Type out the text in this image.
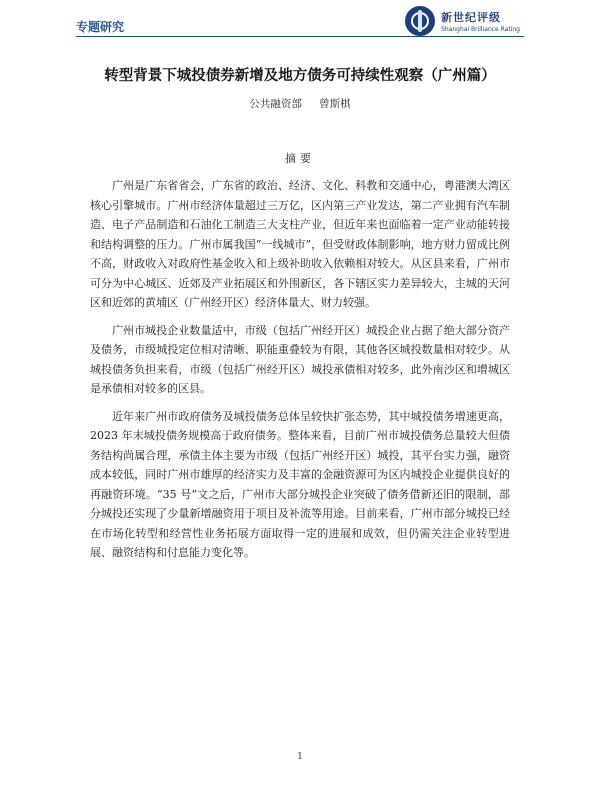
专题研究
新世纪评级
Shanghai Brilliance Rating
转型背景下城投债券新增及地方债务可持续性观察（广州篇）
公共融资部 曾斯棋
摘要

广州是广东省省会，广东省的政治、经济、文化、科教和交通中心，粤港澳大湾区核心引擎城市。广州市经济体量超过三万亿，区内第三产业发达，第二产业拥有汽车制造、电子产品制造和石油化工制造三大支柱产业，但近年来也面临着一定产业动能转接和结构调整的压力。广州市属我国“一线城市”，但受财政体制影响，地方财力留成比例不高，财政收入对政府性基金收入和上级补助收入依赖相对较大。从区县来看，广州市可分为中心城区、近郊及产业拓展区和外围新区，各下辖区实力差异较大，主城的天河区和近郊的黄埔区（广州经开区）经济体量大、财力较强。

广州市城投企业数量适中，市级（包括广州经开区）城投企业占据了绝大部分资产及债务，市级城投定位相对清晰、职能重叠较为有限，其他各区城投数量相对较少。从城投债务负担来看，市级（包括广州经开区）城投承债相对较多，此外南沙区和增城区是承债相对较多的区县。

近年来广州市政府债务及城投债务总体呈较快扩张态势，其中城投债务增速更高，2023 年末城投债务规模高于政府债务。整体来看，目前广州市城投债务总量较大但债务结构尚属合理，承债主体主要为市级（包括广州经开区）城投，其平台实力强，融资成本较低，同时广州市雄厚的经济实力及丰富的金融资源可为区内城投企业提供良好的再融资环境。“35 号”文之后，广州市大部分城投企业突破了债务借新还旧的限制，部分城投还实现了少量新增融资用于项目及补流等用途。目前来看，广州市部分城投已经在市场化转型和经营性业务拓展方面取得一定的进展和成效，但仍需关注企业转型进展、融资结构和付息能力变化等。

1
